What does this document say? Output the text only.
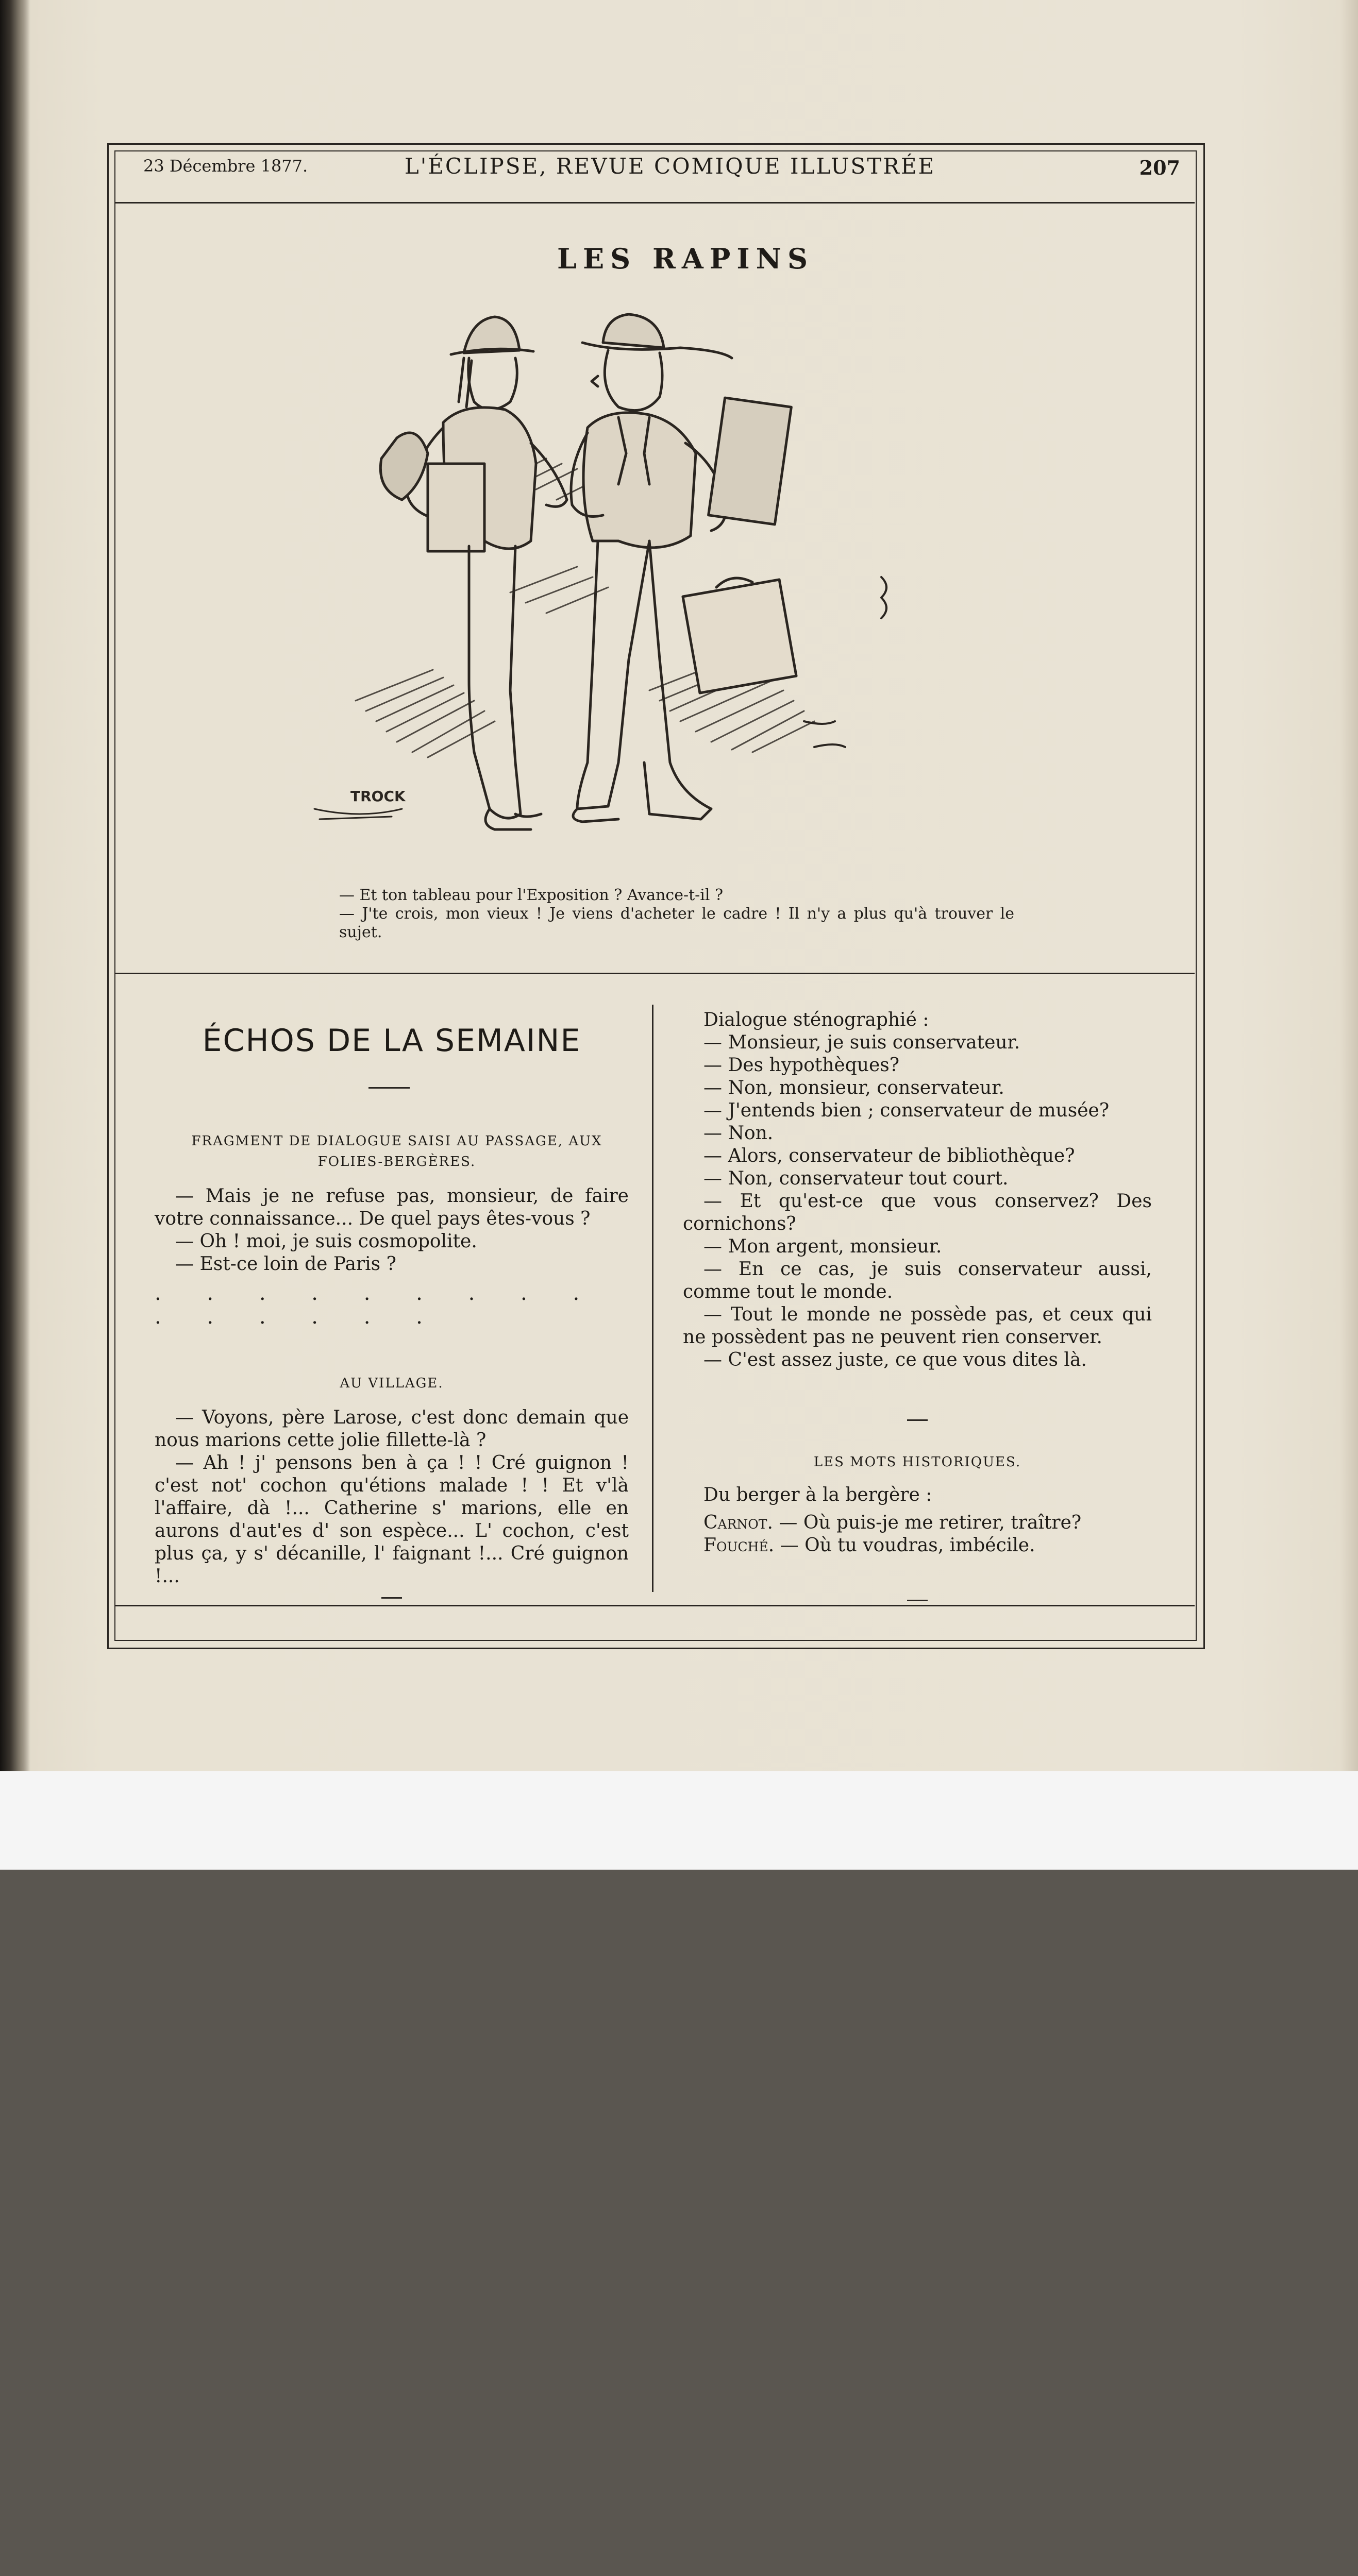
23 Décembre 1877.	L'ÉCLIPSE, REVUE COMIQUE ILLUSTRÉE	207
LES RAPINS
TROCK
— Et ton tableau pour l'Exposition ? Avance-t-il ?
— J'te crois, mon vieux ! Je viens d'acheter le cadre ! Il n'y a plus qu'à trouver le sujet.
ÉCHOS DE LA SEMAINE
FRAGMENT DE DIALOGUE SAISI AU PASSAGE, AUX FOLIES-BERGÈRES.

— Mais je ne refuse pas, monsieur, de faire votre connaissance... De quel pays êtes-vous ?

— Oh ! moi, je suis cosmopolite.

— Est-ce loin de Paris ?

. . . . . . . . . . . . . . .
AU VILLAGE.

— Voyons, père Larose, c'est donc demain que nous marions cette jolie fillette-là ?

— Ah ! j' pensons ben à ça ! ! Cré guignon ! c'est not' cochon qu'étions malade ! ! Et v'là l'affaire, dà !... Catherine s' marions, elle en aurons d'aut'es d' son espèce... L' cochon, c'est plus ça, y s' décanille, l' faignant !... Cré guignon !...

Dialogue sténographié :

— Monsieur, je suis conservateur.

— Des hypothèques?

— Non, monsieur, conservateur.

— J'entends bien ; conservateur de musée?

— Non.

— Alors, conservateur de bibliothèque?

— Non, conservateur tout court.

— Et qu'est-ce que vous conservez? Des cornichons?

— Mon argent, monsieur.

— En ce cas, je suis conservateur aussi, comme tout le monde.

— Tout le monde ne possède pas, et ceux qui ne possèdent pas ne peuvent rien conserver.

— C'est assez juste, ce que vous dites là.

LES MOTS HISTORIQUES.

Du berger à la bergère :

Carnot. — Où puis-je me retirer, traître?

Fouché. — Où tu voudras, imbécile.
